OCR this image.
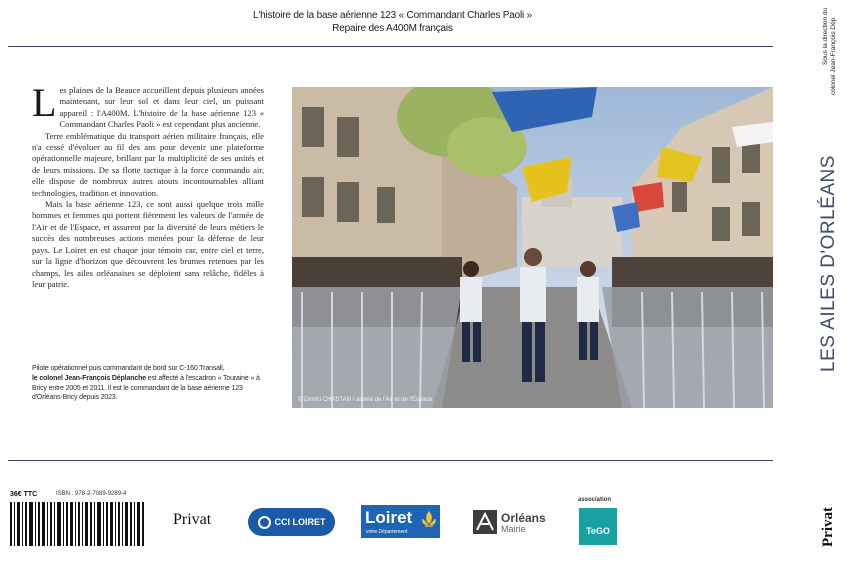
L'histoire de la base aérienne 123 « Commandant Charles Paoli »
Repaire des A400M français

Les plaines de la Beauce accueillent depuis plusieurs années maintenant, sur leur sol et dans leur ciel, un puissant appareil : l'A400M. L'histoire de la base aérienne 123 « Commandant Charles Paoli » est cependant plus ancienne.

Terre emblématique du transport aérien militaire français, elle n'a cessé d'évoluer au fil des ans pour devenir une plateforme opérationnelle majeure, brillant par la multiplicité de ses unités et de leurs missions. De sa flotte tactique à la force commando air, elle dispose de nombreux autres atouts incontournables alliant technologies, tradition et innovation.

Mais la base aérienne 123, ce sont aussi quelque trois mille hommes et femmes qui portent fièrement les valeurs de l'armée de l'Air et de l'Espace, et assurent par la diversité de leurs métiers le succès des nombreuses actions menées pour la défense de leur pays. Le Loiret en est chaque jour témoin car, entre ciel et terre, sur la ligne d'horizon que découvrent les brumes retenues par les champs, les ailes orléanaises se déploient sans relâche, fidèles à leur patrie.

Pilote opérationnel puis commandant de bord sur C-160 Transall,
le colonel Jean-François Déplanche est affecté à l'escadron « Touraine » à Bricy entre 2005 et 2011. Il est le commandant de la base aérienne 123 d'Orléans-Bricy depuis 2023.	© Dimitri CHASTAN / armée de l'Air et de l'Espace
Sous la direction du colonel Jean-François Dép
LES AILES D'ORLÉANS
Privat
36€ TTC	ISBN : 978-2-7089-9289-4
Privat	CCI LOIRET Loiret
votre Département
Orléans
Mairie
association
TeGO
